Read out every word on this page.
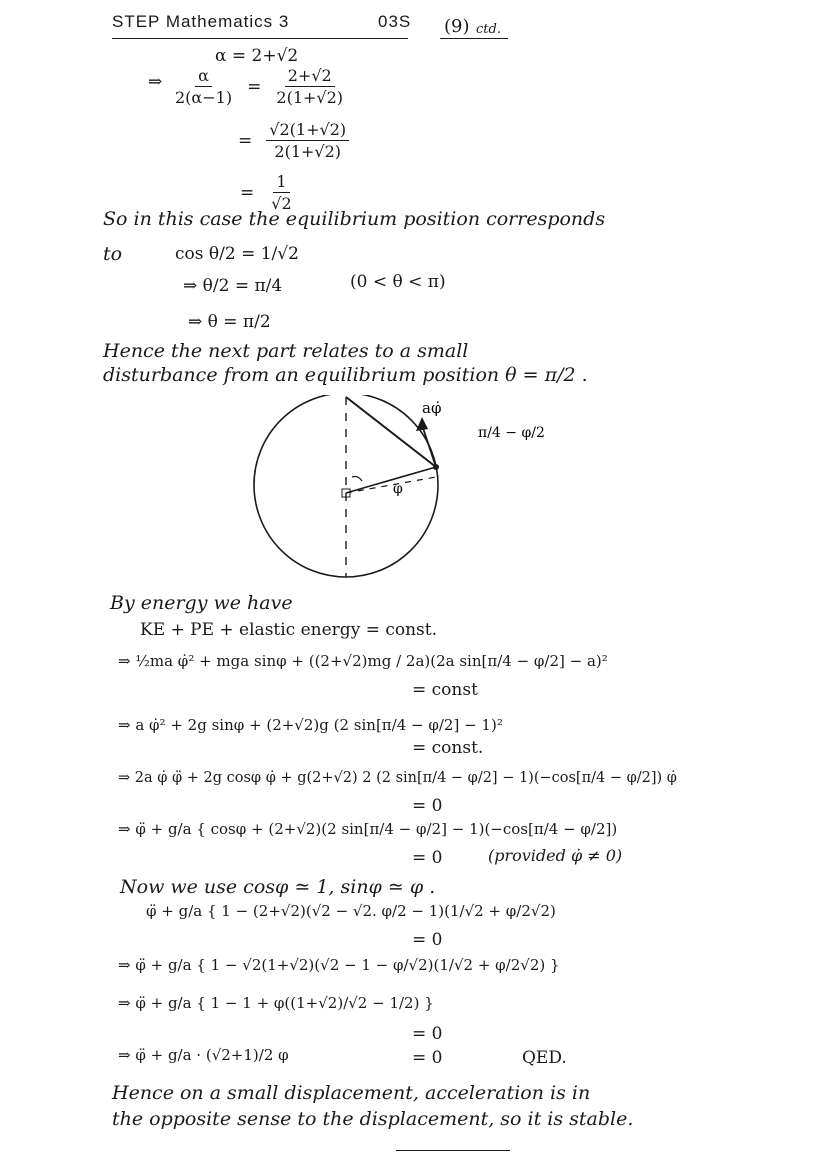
STEP Mathematics 3	03S (9) ctd.
α = 2+√2
⇒ $\frac{\alpha}{2(\alpha-1)} = \frac{2+√2}{2(1+√2)}$
= $\frac{√2(1+√2)}{2(1+√2)}$
= $\frac{1}{√2}$
So in this case the equilibrium position corresponds
to	cos θ/2 = 1/√2
⇒ θ/2 = π/4	(0 < θ < π)
⇒ θ = π/2
Hence the next part relates to a small
disturbance from an equilibrium position θ = π/2 .
aφ̇
π/4 − φ/2
φ
By energy we have
KE + PE + elastic energy = const.
⇒ ½ma φ̇² + mga sinφ + ((2+√2)mg / 2a)(2a sin[π/4 − φ/2] − a)²
= const
⇒ a φ̇² + 2g sinφ + (2+√2)g (2 sin[π/4 − φ/2] − 1)²
= const.
⇒ 2a φ̇ φ̈ + 2g cosφ φ̇ + g(2+√2) 2 (2 sin[π/4 − φ/2] − 1)(−cos[π/4 − φ/2]) φ̇
= 0
⇒ φ̈ + g/a { cosφ + (2+√2)(2 sin[π/4 − φ/2] − 1)(−cos[π/4 − φ/2])
= 0	(provided φ̇ ≠ 0)
Now we use cosφ ≃ 1, sinφ ≃ φ .
φ̈ + g/a { 1 − (2+√2)(√2 − √2. φ/2 − 1)(1/√2 + φ/2√2)
= 0
⇒ φ̈ + g/a { 1 − √2(1+√2)(√2 − 1 − φ/√2)(1/√2 + φ/2√2) }
⇒ φ̈ + g/a { 1 − 1 + φ((1+√2)/√2 − 1/2) }
= 0
⇒ φ̈ + g/a · (√2+1)/2 φ	= 0	QED.
Hence on a small displacement, acceleration is in
the opposite sense to the displacement, so it is stable.
